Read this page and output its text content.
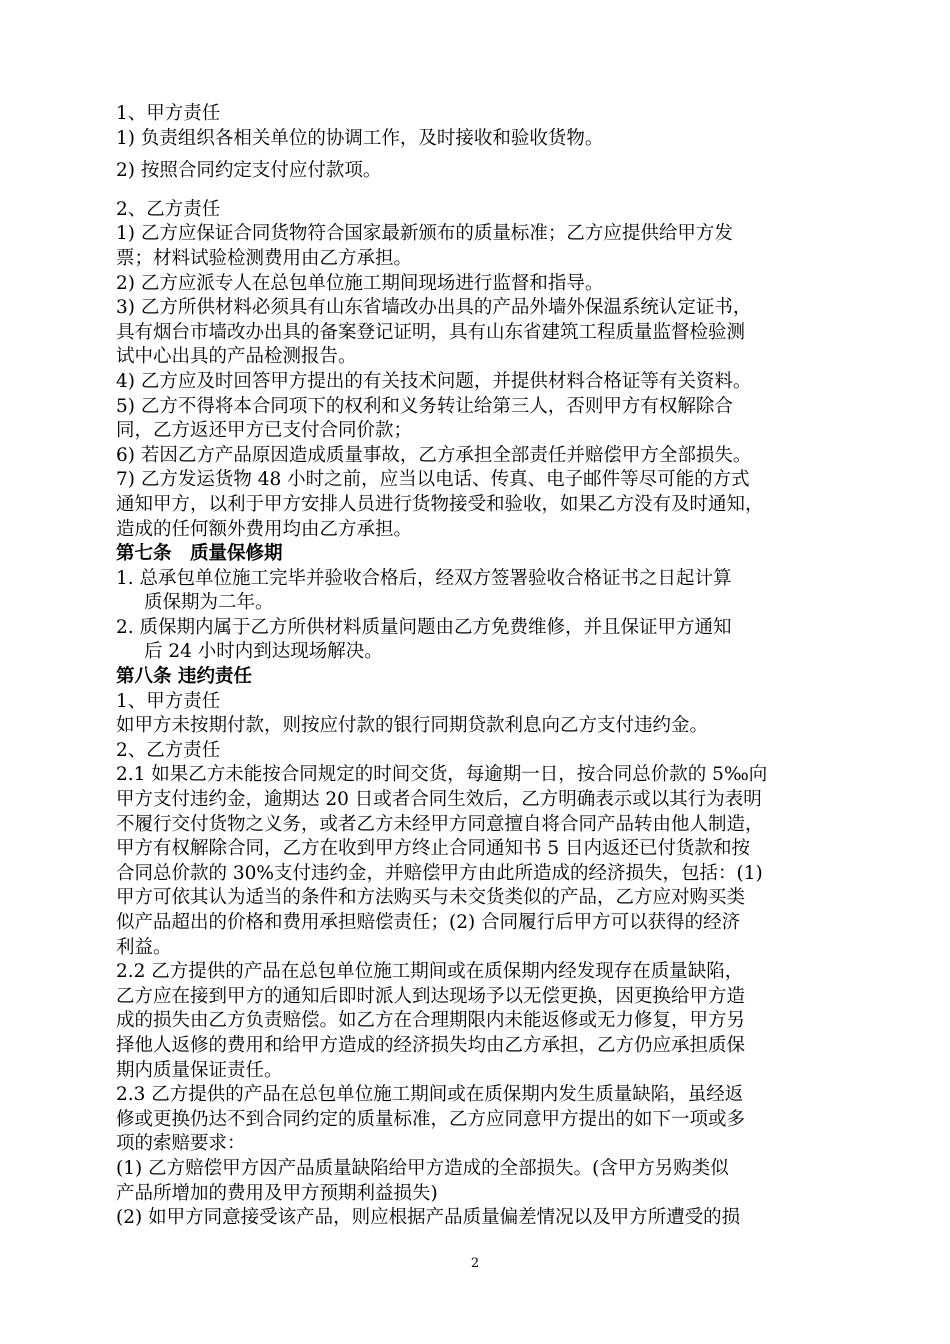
1、甲方责任
1) 负责组织各相关单位的协调工作，及时接收和验收货物。
2) 按照合同约定支付应付款项。
2、乙方责任
1) 乙方应保证合同货物符合国家最新颁布的质量标准；乙方应提供给甲方发
票；材料试验检测费用由乙方承担。
2) 乙方应派专人在总包单位施工期间现场进行监督和指导。
3) 乙方所供材料必须具有山东省墙改办出具的产品外墙外保温系统认定证书，
具有烟台市墙改办出具的备案登记证明，具有山东省建筑工程质量监督检验测
试中心出具的产品检测报告。
4) 乙方应及时回答甲方提出的有关技术问题，并提供材料合格证等有关资料。
5) 乙方不得将本合同项下的权利和义务转让给第三人，否则甲方有权解除合
同，乙方返还甲方已支付合同价款；
6) 若因乙方产品原因造成质量事故，乙方承担全部责任并赔偿甲方全部损失。
7) 乙方发运货物 48 小时之前，应当以电话、传真、电子邮件等尽可能的方式
通知甲方，以利于甲方安排人员进行货物接受和验收，如果乙方没有及时通知，
造成的任何额外费用均由乙方承担。
第七条　质量保修期
1. 总承包单位施工完毕并验收合格后，经双方签署验收合格证书之日起计算
质保期为二年。
2. 质保期内属于乙方所供材料质量问题由乙方免费维修，并且保证甲方通知
后 24 小时内到达现场解决。
第八条 违约责任
1、甲方责任
如甲方未按期付款，则按应付款的银行同期贷款利息向乙方支付违约金。
2、乙方责任
2.1 如果乙方未能按合同规定的时间交货，每逾期一日，按合同总价款的 5‰向
甲方支付违约金，逾期达 20 日或者合同生效后，乙方明确表示或以其行为表明
不履行交付货物之义务，或者乙方未经甲方同意擅自将合同产品转由他人制造，
甲方有权解除合同，乙方在收到甲方终止合同通知书 5 日内返还已付货款和按
合同总价款的 30%支付违约金，并赔偿甲方由此所造成的经济损失，包括：(1)
甲方可依其认为适当的条件和方法购买与未交货类似的产品，乙方应对购买类
似产品超出的价格和费用承担赔偿责任；(2) 合同履行后甲方可以获得的经济
利益。
2.2 乙方提供的产品在总包单位施工期间或在质保期内经发现存在质量缺陷，
乙方应在接到甲方的通知后即时派人到达现场予以无偿更换，因更换给甲方造
成的损失由乙方负责赔偿。如乙方在合理期限内未能返修或无力修复，甲方另
择他人返修的费用和给甲方造成的经济损失均由乙方承担，乙方仍应承担质保
期内质量保证责任。
2.3 乙方提供的产品在总包单位施工期间或在质保期内发生质量缺陷，虽经返
修或更换仍达不到合同约定的质量标准，乙方应同意甲方提出的如下一项或多
项的索赔要求：
(1) 乙方赔偿甲方因产品质量缺陷给甲方造成的全部损失。(含甲方另购类似
产品所增加的费用及甲方预期利益损失)
(2) 如甲方同意接受该产品，则应根据产品质量偏差情况以及甲方所遭受的损
2
